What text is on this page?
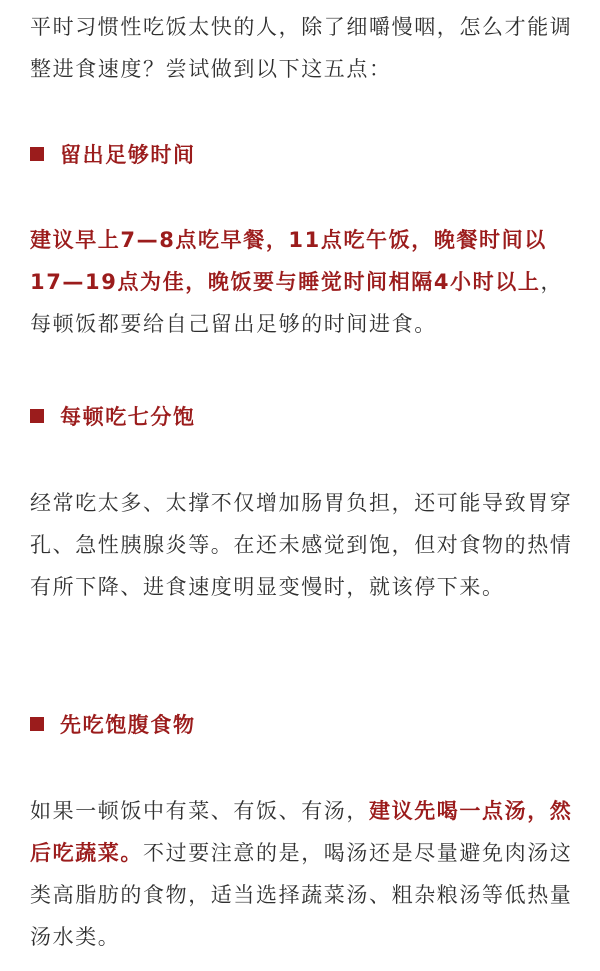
平时习惯性吃饭太快的人，除了细嚼慢咽，怎么才能调整进食速度？尝试做到以下这五点：

留出足够时间

建议早上7—8点吃早餐，11点吃午饭，晚餐时间以17—19点为佳，晚饭要与睡觉时间相隔4小时以上，每顿饭都要给自己留出足够的时间进食。

每顿吃七分饱

经常吃太多、太撑不仅增加肠胃负担，还可能导致胃穿孔、急性胰腺炎等。在还未感觉到饱，但对食物的热情有所下降、进食速度明显变慢时，就该停下来。

先吃饱腹食物

如果一顿饭中有菜、有饭、有汤，建议先喝一点汤，然后吃蔬菜。不过要注意的是，喝汤还是尽量避免肉汤这类高脂肪的食物，适当选择蔬菜汤、粗杂粮汤等低热量汤水类。
